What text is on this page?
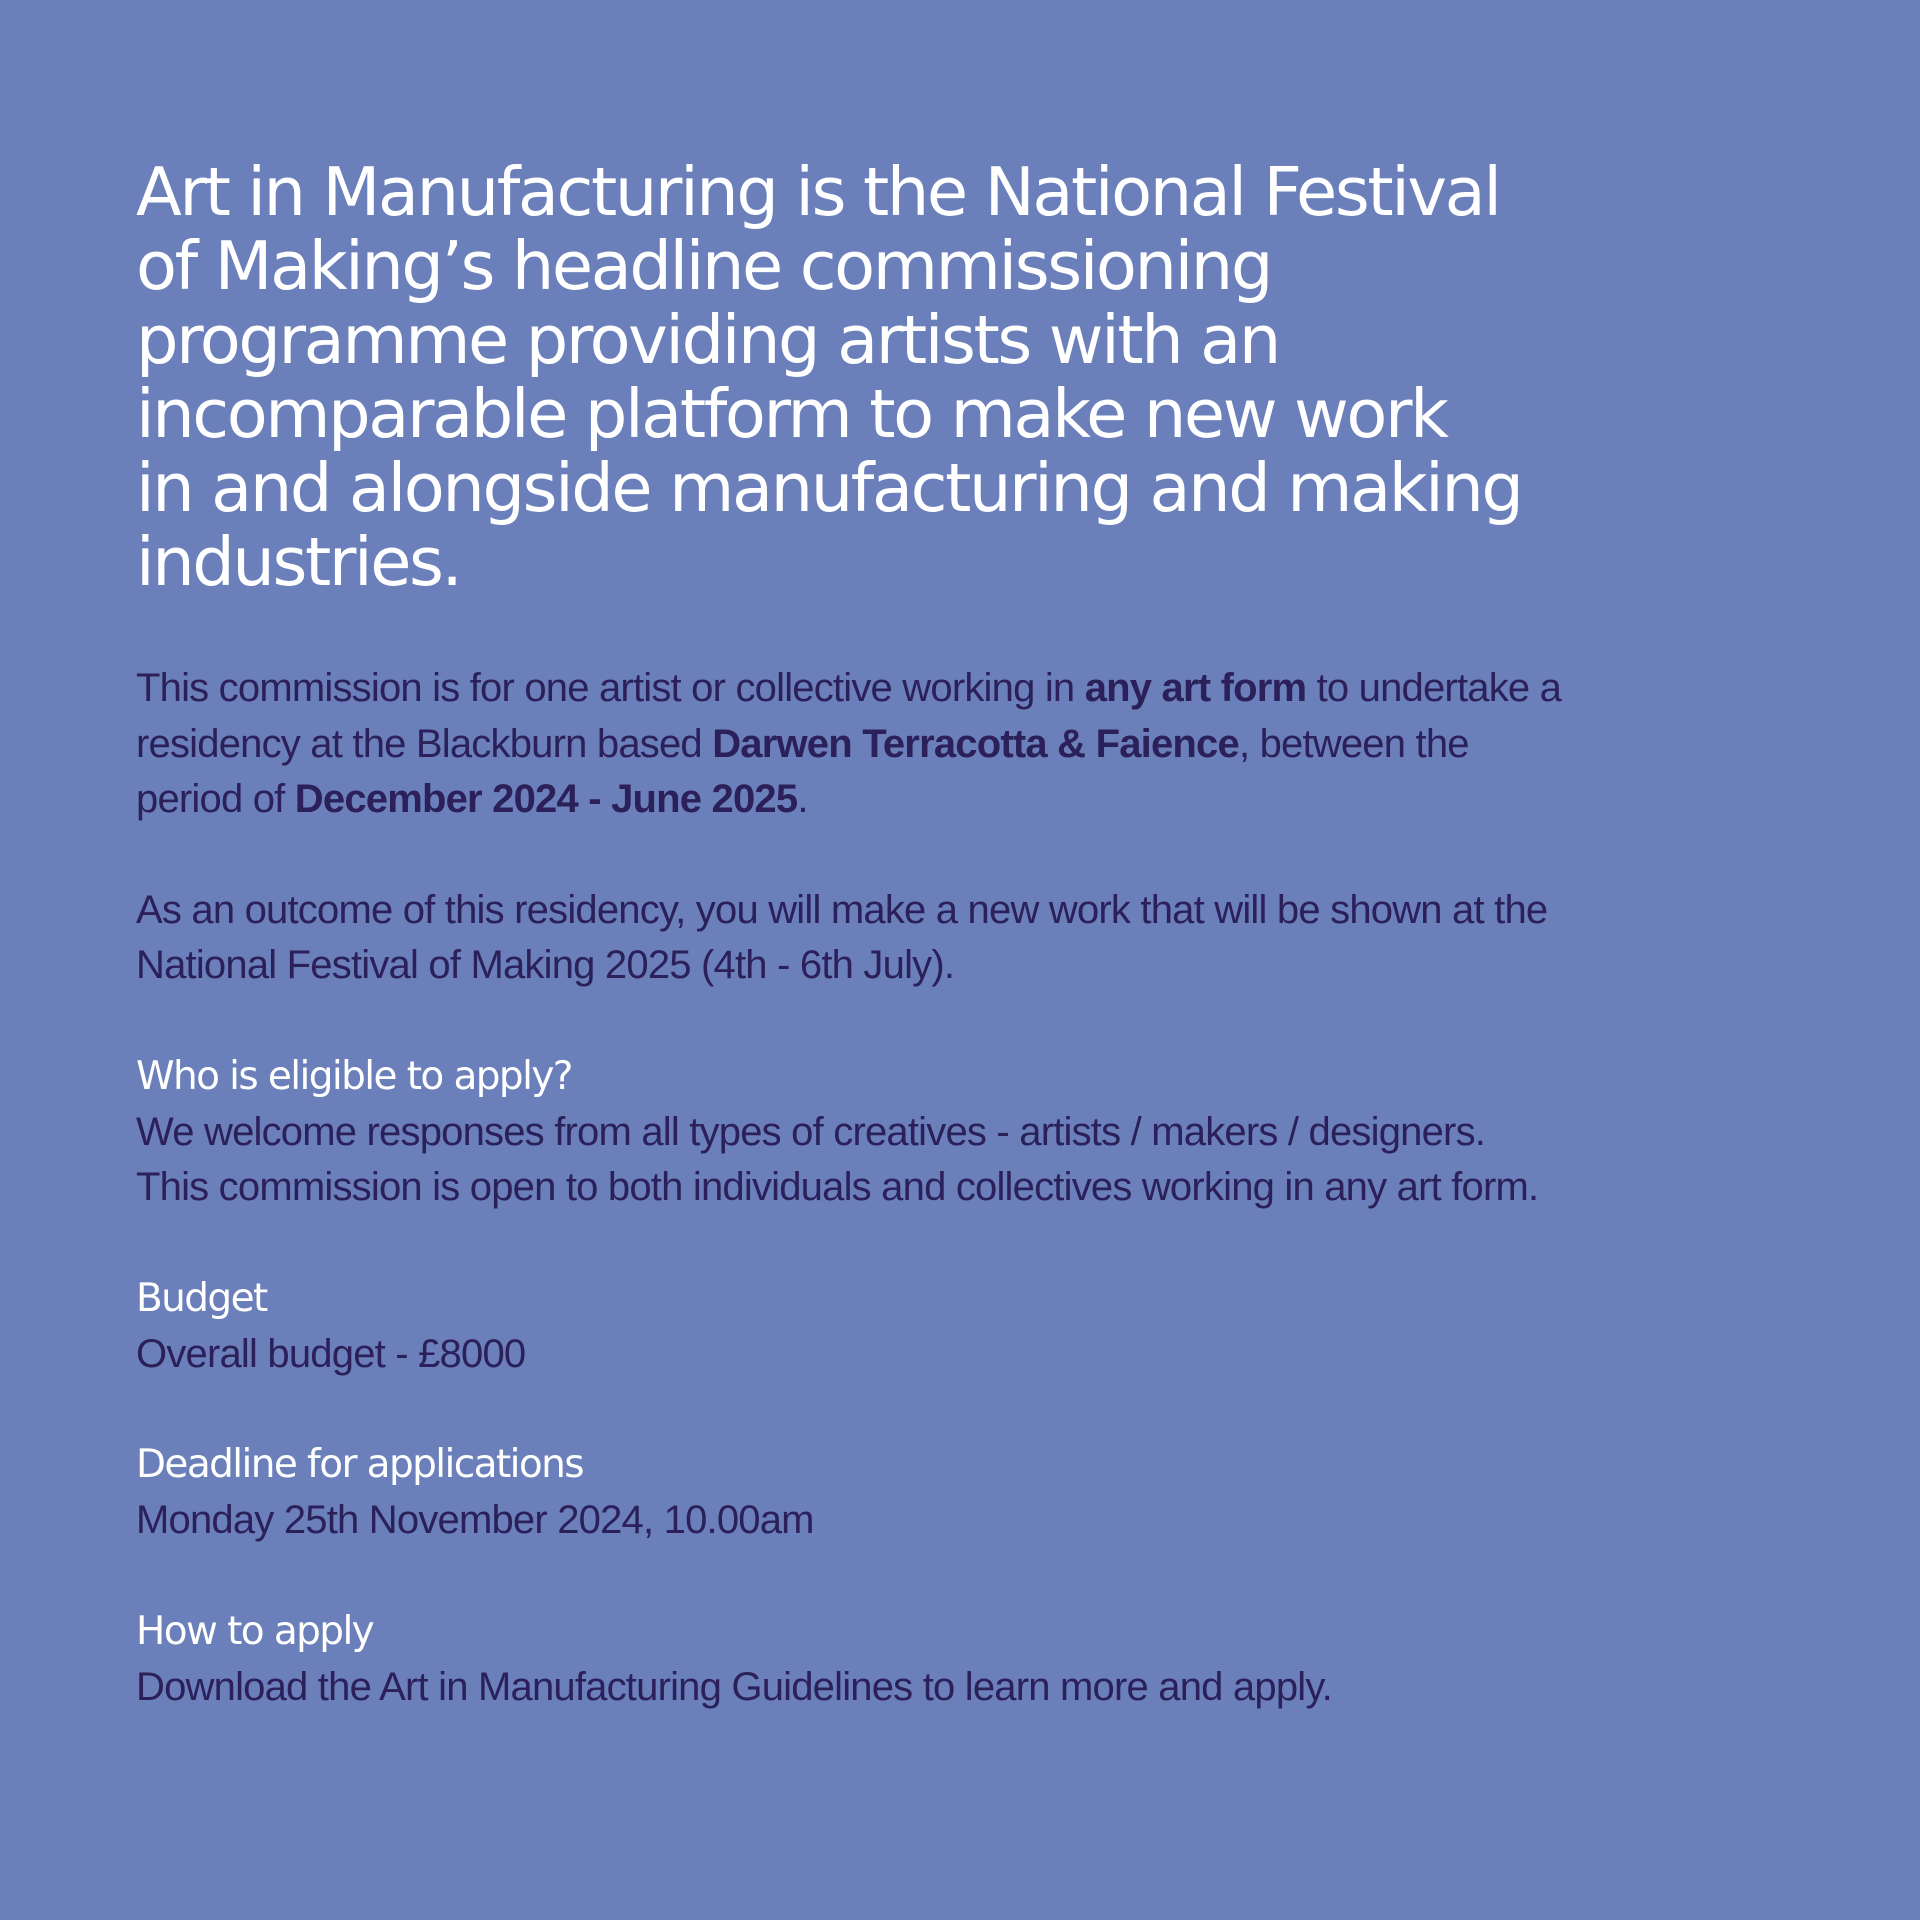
Art in Manufacturing is the National Festival
of Making’s headline commissioning
programme providing artists with an
incomparable platform to make new work
in and alongside manufacturing and making
industries.
This commission is for one artist or collective working in any art form to undertake a
residency at the Blackburn based Darwen Terracotta & Faience, between the
period of December 2024 - June 2025.
As an outcome of this residency, you will make a new work that will be shown at the
National Festival of Making 2025 (4th - 6th July).
Who is eligible to apply?
We welcome responses from all types of creatives - artists / makers / designers.
This commission is open to both individuals and collectives working in any art form.
Budget
Overall budget - £8000
Deadline for applications
Monday 25th November 2024, 10.00am
How to apply
Download the Art in Manufacturing Guidelines to learn more and apply.
